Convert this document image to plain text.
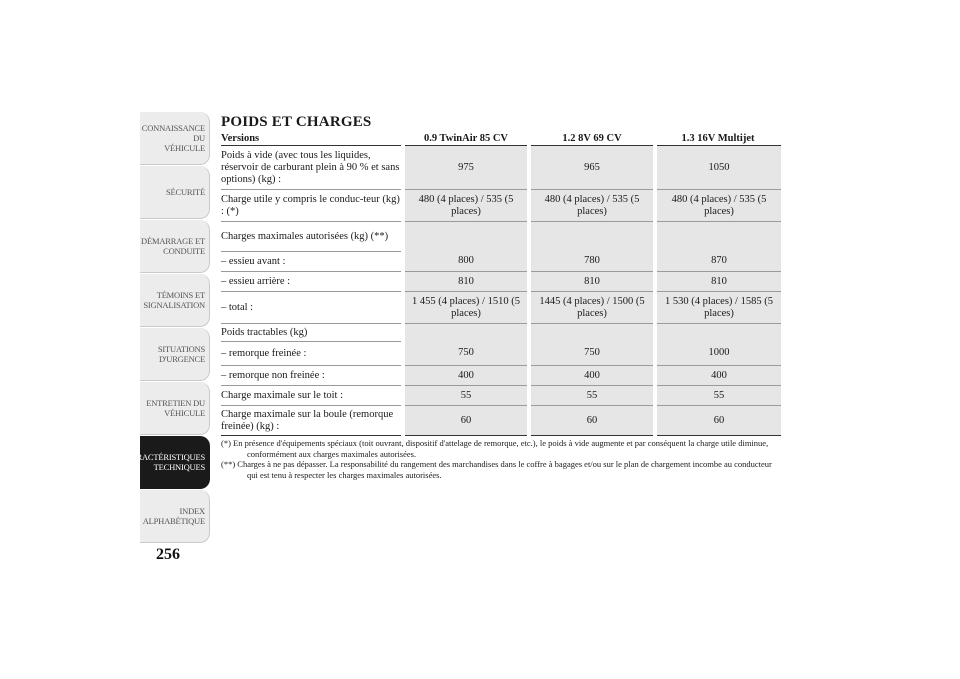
CONNAISSANCE DU
VÉHICULE
SÉCURITÉ
DÉMARRAGE ET
CONDUITE
TÉMOINS ET
SIGNALISATION
SITUATIONS
D'URGENCE
ENTRETIEN DU
VÉHICULE
CARACTÉRISTIQUES
TECHNIQUES
INDEX
ALPHABÉTIQUE
256
POIDS ET CHARGES
Versions	0.9 TwinAir 85 CV	1.2 8V 69 CV	1.3 16V Multijet
Poids à vide (avec tous les liquides, réservoir de carburant plein à 90 % et sans options) (kg) :	975	965	1050
Charge utile y compris le conduc-teur (kg) : (*)	480 (4 places) / 535 (5 places)	480 (4 places) / 535 (5 places)	480 (4 places) / 535 (5 places)
Charges maximales autorisées (kg) (**)			
– essieu avant :	800	780	870
– essieu arrière :	810	810	810
– total :	1 455 (4 places) / 1510 (5 places)	1445 (4 places) / 1500 (5 places)	1 530 (4 places) / 1585 (5 places)
Poids tractables (kg)			
– remorque freinée :	750	750	1000
– remorque non freinée :	400	400	400
Charge maximale sur le toit :	55	55	55
Charge maximale sur la boule (remorque freinée) (kg) :	60	60	60
(*) En présence d'équipements spéciaux (toit ouvrant, dispositif d'attelage de remorque, etc.), le poids à vide augmente et par conséquent la charge utile diminue, conformément aux charges maximales autorisées.
(**) Charges à ne pas dépasser. La responsabilité du rangement des marchandises dans le coffre à bagages et/ou sur le plan de chargement incombe au conducteur qui est tenu à respecter les charges maximales autorisées.
